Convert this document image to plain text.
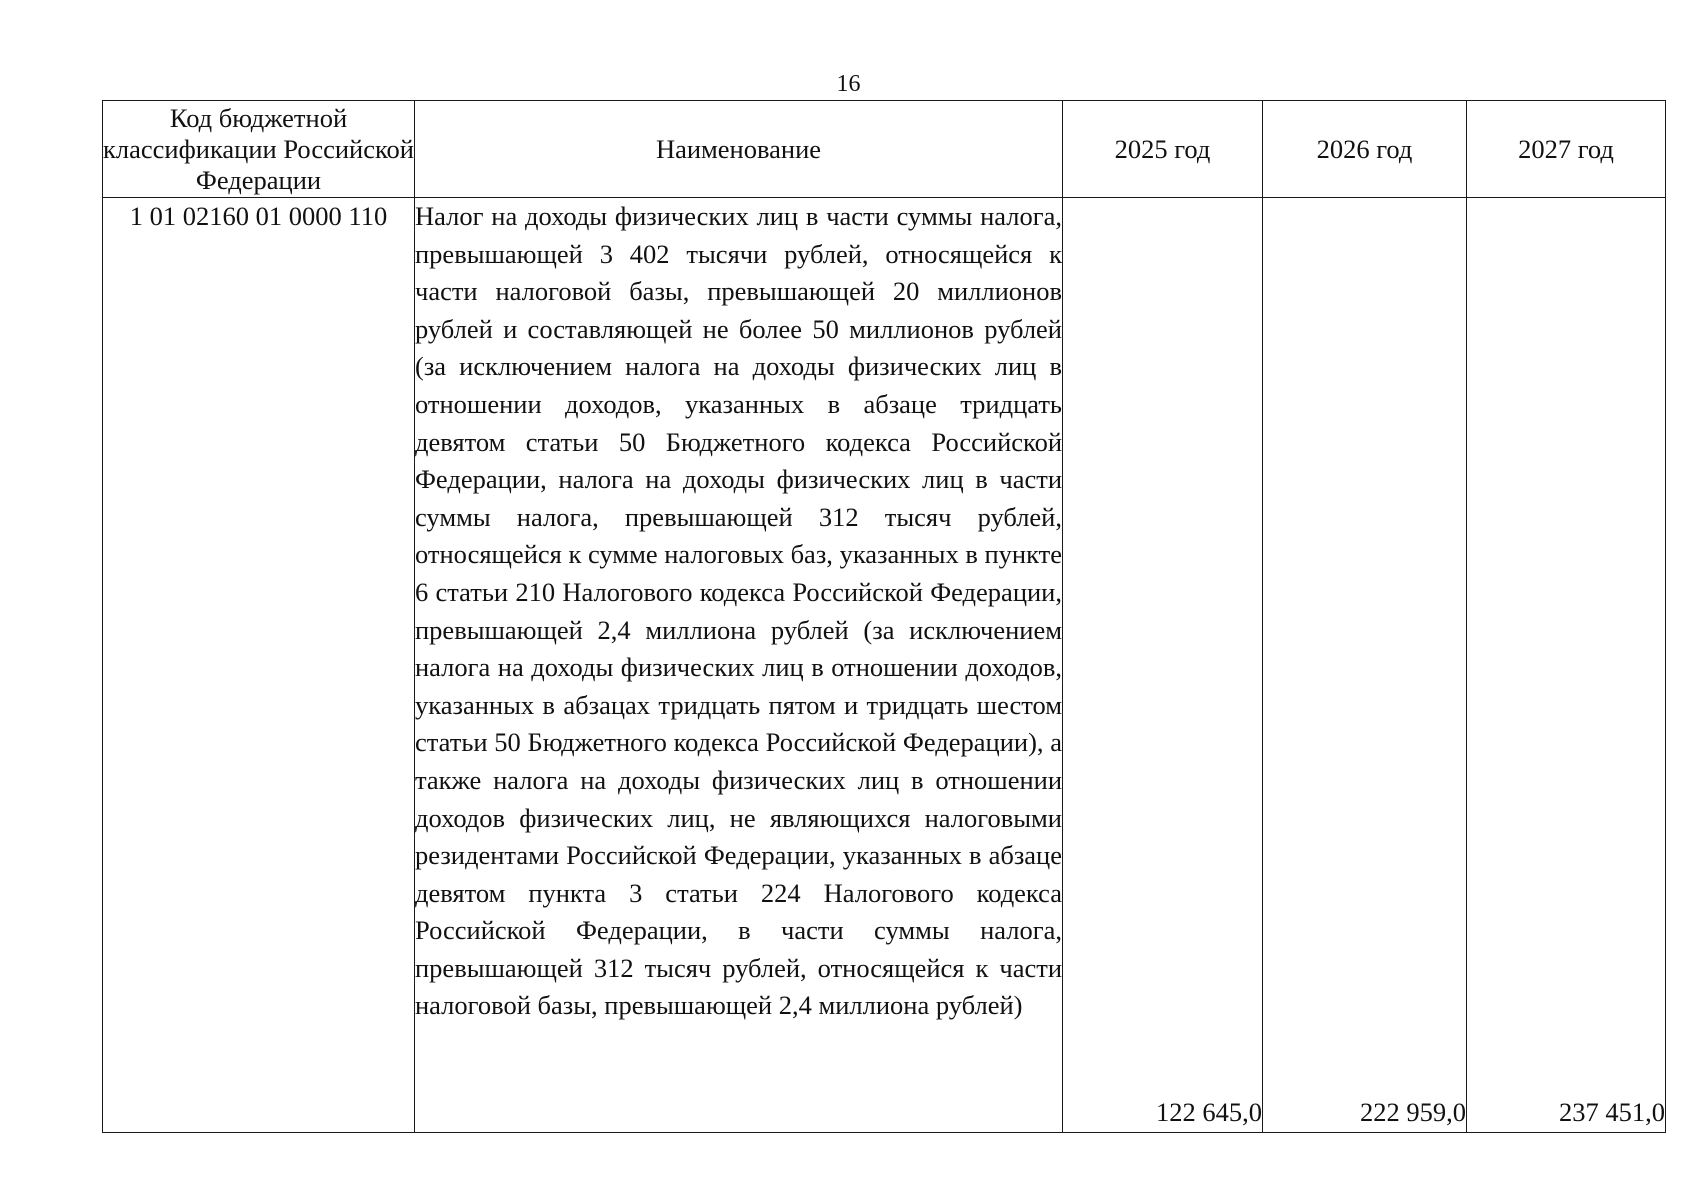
16
Код бюджетной классификации Российской Федерации	Наименование	2025 год	2026 год	2027 год
1 01 02160 01 0000 110	Налог на доходы физических лиц в части суммы налога, превышающей 3 402 тысячи рублей, относящейся к части налоговой базы, превышающей 20 миллионов рублей и составляющей не более 50 миллионов рублей (за исключением налога на доходы физических лиц в отношении доходов, указанных в абзаце тридцать девятом статьи 50 Бюджетного кодекса Российской Федерации, налога на доходы физических лиц в части суммы налога, превышающей 312 тысяч рублей, относящейся к сумме налоговых баз, указанных в пункте 6 статьи 210 Налогового кодекса Российской Федерации, превышающей 2,4 миллиона рублей (за исключением налога на доходы физических лиц в отношении доходов, указанных в абзацах тридцать пятом и тридцать шестом статьи 50 Бюджетного кодекса Российской Федерации), а также налога на доходы физических лиц в отношении доходов физических лиц, не являющихся налоговыми резидентами Российской Федерации, указанных в абзаце девятом пункта 3 статьи 224 Налогового кодекса Российской Федерации, в части суммы налога, превышающей 312 тысяч рублей, относящейся к части налоговой базы, превышающей 2,4 миллиона рублей)	122 645,0	222 959,0	237 451,0
